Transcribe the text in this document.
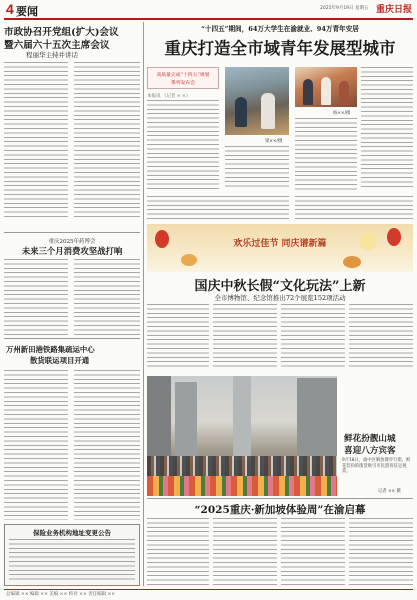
4 要闻	2025年9月19日 星期五 重庆日报
市政协召开党组(扩大)会议
暨六届六十五次主席会议
程丽华主持并讲话
重庆2025年药博会
未来三个月消费攻坚战打响
万州新田港铁路集疏运中心
散货联运项目开通
保险业务机构地址变更公告
“十四五”期间，64万大学生在渝就业、94万青年安居
重庆打造全市域青年发展型城市
高质量完成“十四五”规划
系列发布会
本报讯 （记者 × ×）
梁××/摄
杨××/摄
欢乐过佳节 同庆谱新篇
国庆中秋长假“文化玩法”上新
全市博物馆、纪念馆推出72个展览152项活动
鲜花扮靓山城
喜迎八方宾客
9月18日，渝中区解放碑步行街，鲜花装扮的街景吸引市民游客驻足观赏。
记者 ×× 摄
“2025重庆·新加坡体验周”在渝启幕
总编辑 ×× 编辑 ×× 美编 ×× 校对 ×× 责任编辑 ××
